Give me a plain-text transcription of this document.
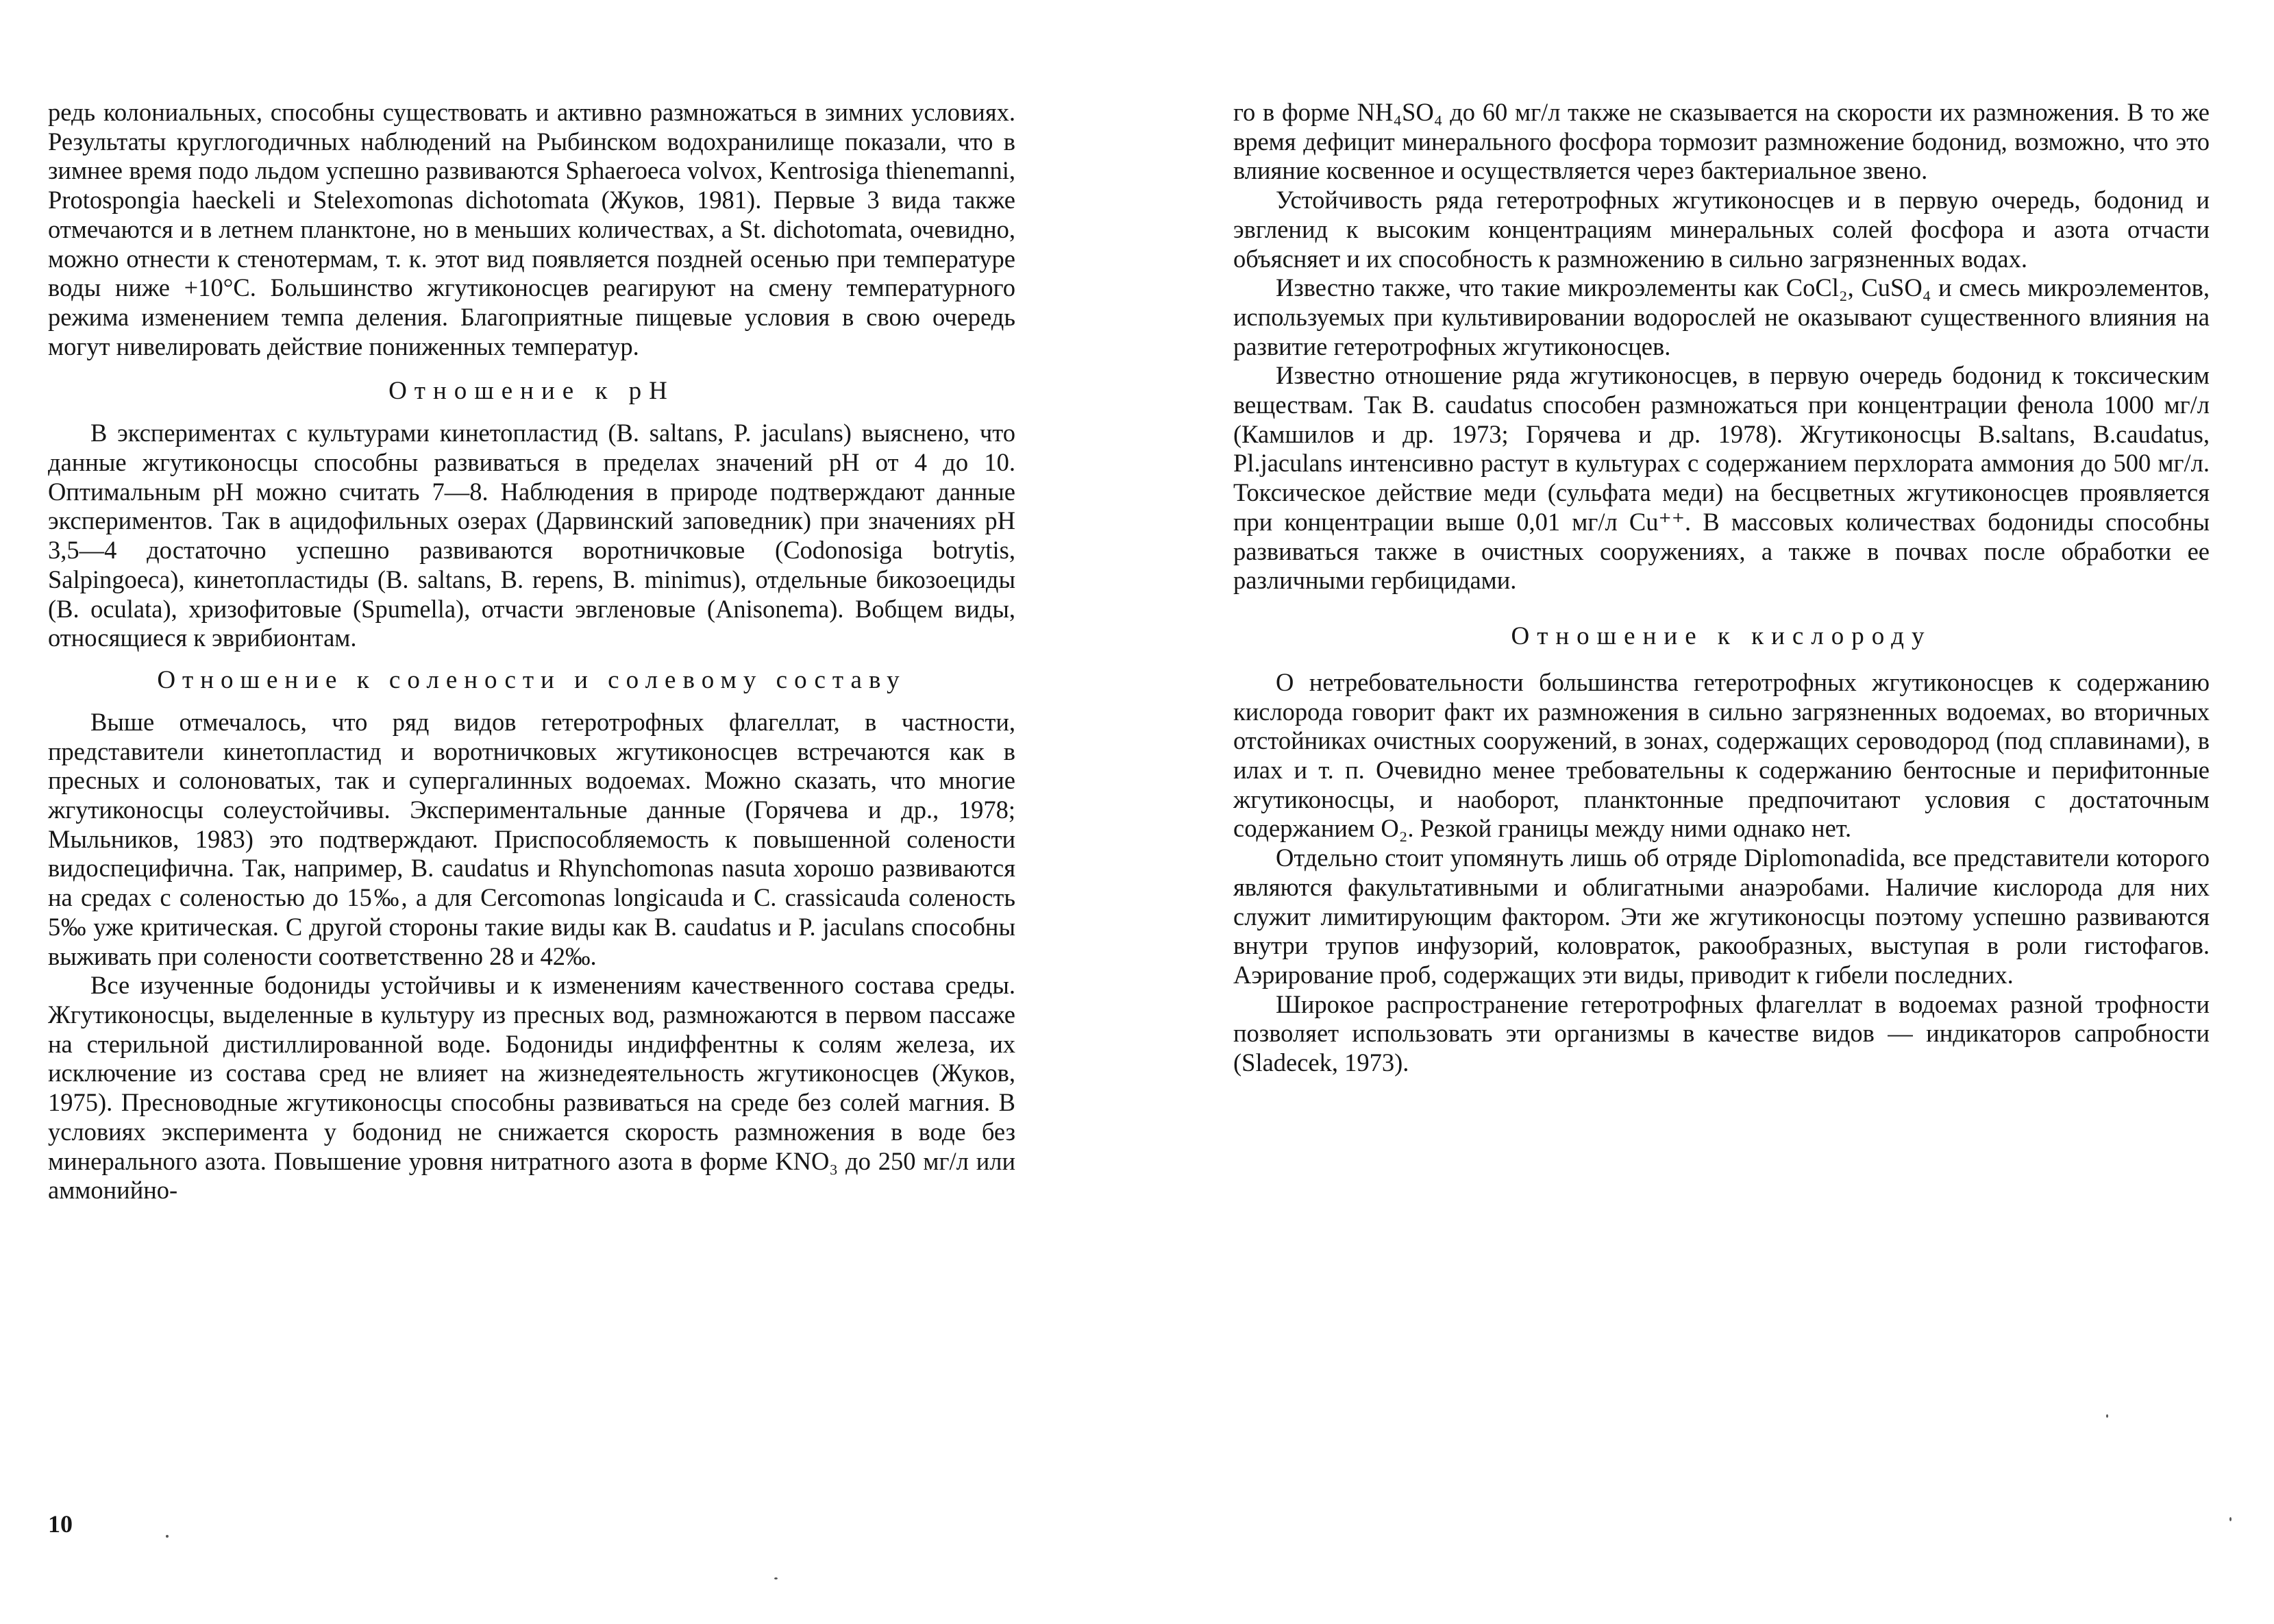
редь колониальных, способны существовать и активно размножаться в зимних условиях. Результаты круглогодичных наблюдений на Рыбинском водохранилище показали, что в зимнее время подо льдом успешно развиваются Sphaeroeca volvox, Kentrosiga thienemanni, Protospongia haeckeli и Stelexomonas dichotomata (Жуков, 1981). Первые 3 вида также отмечаются и в летнем планктоне, но в меньших количествах, а St. dichotomata, очевидно, можно отнести к стенотермам, т. к. этот вид появляется поздней осенью при температуре воды ниже +10°С. Большинство жгутиконосцев реагируют на смену температурного режима изменением темпа деления. Благоприятные пищевые условия в свою очередь могут нивелировать действие пониженных температур.

Отношение к pH

В экспериментах с культурами кинетопластид (B. saltans, P. jaculans) выяснено, что данные жгутиконосцы способны развиваться в пределах значений pH от 4 до 10. Оптимальным pH можно считать 7—8. Наблюдения в природе подтверждают данные экспериментов. Так в ацидофильных озерах (Дарвинский заповедник) при значениях pH 3,5—4 достаточно успешно развиваются воротничковые (Codonosiga botrytis, Salpingoeca), кинетопластиды (B. saltans, B. repens, B. minimus), отдельные бикозоециды (B. oculata), хризофитовые (Spumella), отчасти эвгленовые (Anisonema). Вобщем виды, относящиеся к эврибионтам.

Отношение к солености и солевому составу

Выше отмечалось, что ряд видов гетеротрофных флагеллат, в частности, представители кинетопластид и воротничковых жгутиконосцев встречаются как в пресных и солоноватых, так и супергалинных водоемах. Можно сказать, что многие жгутиконосцы солеустойчивы. Экспериментальные данные (Горячева и др., 1978; Мыльников, 1983) это подтверждают. Приспособляемость к повышенной солености видоспецифична. Так, например, B. caudatus и Rhynchomonas nasuta хорошо развиваются на средах с соленостью до 15‰, а для Cercomonas longicauda и C. crassicauda соленость 5‰ уже критическая. С другой стороны такие виды как B. caudatus и P. jaculans способны выживать при солености соответственно 28 и 42‰.

Все изученные бодониды устойчивы и к изменениям качественного состава среды. Жгутиконосцы, выделенные в культуру из пресных вод, размножаются в первом пассаже на стерильной дистиллированной воде. Бодониды индиффентны к солям железа, их исключение из состава сред не влияет на жизнедеятельность жгутиконосцев (Жуков, 1975). Пресноводные жгутиконосцы способны развиваться на среде без солей магния. В условиях эксперимента у бодонид не снижается скорость размножения в воде без минерального азота. Повышение уровня нитратного азота в форме KNO₃ до 250 мг/л или аммонийно-

10

го в форме NH₄SO₄ до 60 мг/л также не сказывается на скорости их размножения. В то же время дефицит минерального фосфора тормозит размножение бодонид, возможно, что это влияние косвенное и осуществляется через бактериальное звено.

Устойчивость ряда гетеротрофных жгутиконосцев и в первую очередь, бодонид и эвгленид к высоким концентрациям минеральных солей фосфора и азота отчасти объясняет и их способность к размножению в сильно загрязненных водах.

Известно также, что такие микроэлементы как CoCl₂, CuSO₄ и смесь микроэлементов, используемых при культивировании водорослей не оказывают существенного влияния на развитие гетеротрофных жгутиконосцев.

Известно отношение ряда жгутиконосцев, в первую очередь бодонид к токсическим веществам. Так B. caudatus способен размножаться при концентрации фенола 1000 мг/л (Камшилов и др. 1973; Горячева и др. 1978). Жгутиконосцы B.saltans, B.caudatus, Pl.jaculans интенсивно растут в культурах с содержанием перхлората аммония до 500 мг/л. Токсическое действие меди (сульфата меди) на бесцветных жгутиконосцев проявляется при концентрации выше 0,01 мг/л Cu⁺⁺. В массовых количествах бодониды способны развиваться также в очистных сооружениях, а также в почвах после обработки ее различными гербицидами.

Отношение к кислороду

О нетребовательности большинства гетеротрофных жгутиконосцев к содержанию кислорода говорит факт их размножения в сильно загрязненных водоемах, во вторичных отстойниках очистных сооружений, в зонах, содержащих сероводород (под сплавинами), в илах и т. п. Очевидно менее требовательны к содержанию бентосные и перифитонные жгутиконосцы, и наоборот, планктонные предпочитают условия с достаточным содержанием O₂. Резкой границы между ними однако нет.

Отдельно стоит упомянуть лишь об отряде Diplomonadida, все представители которого являются факультативными и облигатными анаэробами. Наличие кислорода для них служит лимитирующим фактором. Эти же жгутиконосцы поэтому успешно развиваются внутри трупов инфузорий, коловраток, ракообразных, выступая в роли гистофагов. Аэрирование проб, содержащих эти виды, приводит к гибели последних.

Широкое распространение гетеротрофных флагеллат в водоемах разной трофности позволяет использовать эти организмы в качестве видов — индикаторов сапробности (Sladecek, 1973).
